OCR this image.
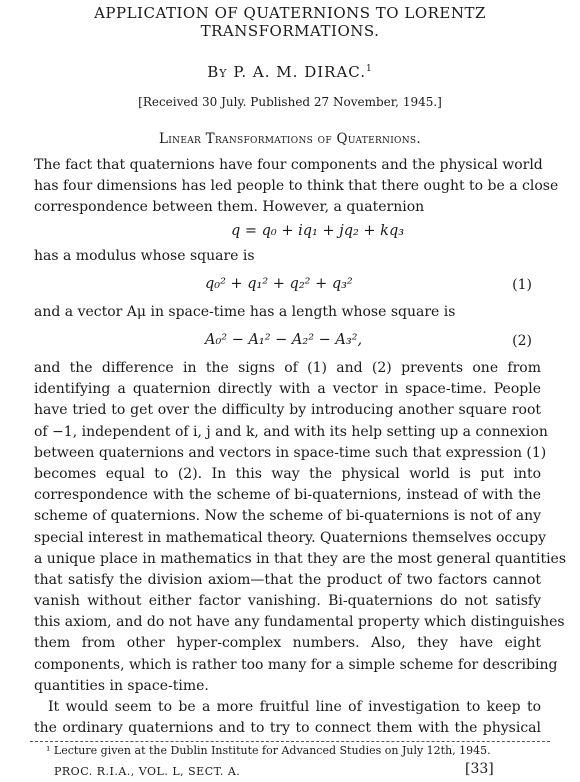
APPLICATION OF QUATERNIONS TO LORENTZ
TRANSFORMATIONS.
By P. A. M. DIRAC.$^1$
[Received 30 July. Published 27 November, 1945.]
Linear Transformations of Quaternions.
The fact that quaternions have four components and the physical world
has four dimensions has led people to think that there ought to be a close
correspondence between them. However, a quaternion
q = q₀ + iq₁ + jq₂ + kq₃
has a modulus whose square is
q₀² + q₁² + q₂² + q₃²	(1)
and a vector Aμ in space-time has a length whose square is
A₀² − A₁² − A₂² − A₃²,	(2)
and the difference in the signs of (1) and (2) prevents one from
identifying a quaternion directly with a vector in space-time. People
have tried to get over the difficulty by introducing another square root
of −1, independent of i, j and k, and with its help setting up a connexion
between quaternions and vectors in space-time such that expression (1)
becomes equal to (2). In this way the physical world is put into
correspondence with the scheme of bi-quaternions, instead of with the
scheme of quaternions. Now the scheme of bi-quaternions is not of any
special interest in mathematical theory. Quaternions themselves occupy
a unique place in mathematics in that they are the most general quantities
that satisfy the division axiom—that the product of two factors cannot
vanish without either factor vanishing. Bi-quaternions do not satisfy
this axiom, and do not have any fundamental property which distinguishes
them from other hyper-complex numbers. Also, they have eight
components, which is rather too many for a simple scheme for describing
quantities in space-time.
It would seem to be a more fruitful line of investigation to keep to
the ordinary quaternions and to try to connect them with the physical
¹ Lecture given at the Dublin Institute for Advanced Studies on July 12th, 1945.
PROC. R.I.A., VOL. L, SECT. A.	[33]
